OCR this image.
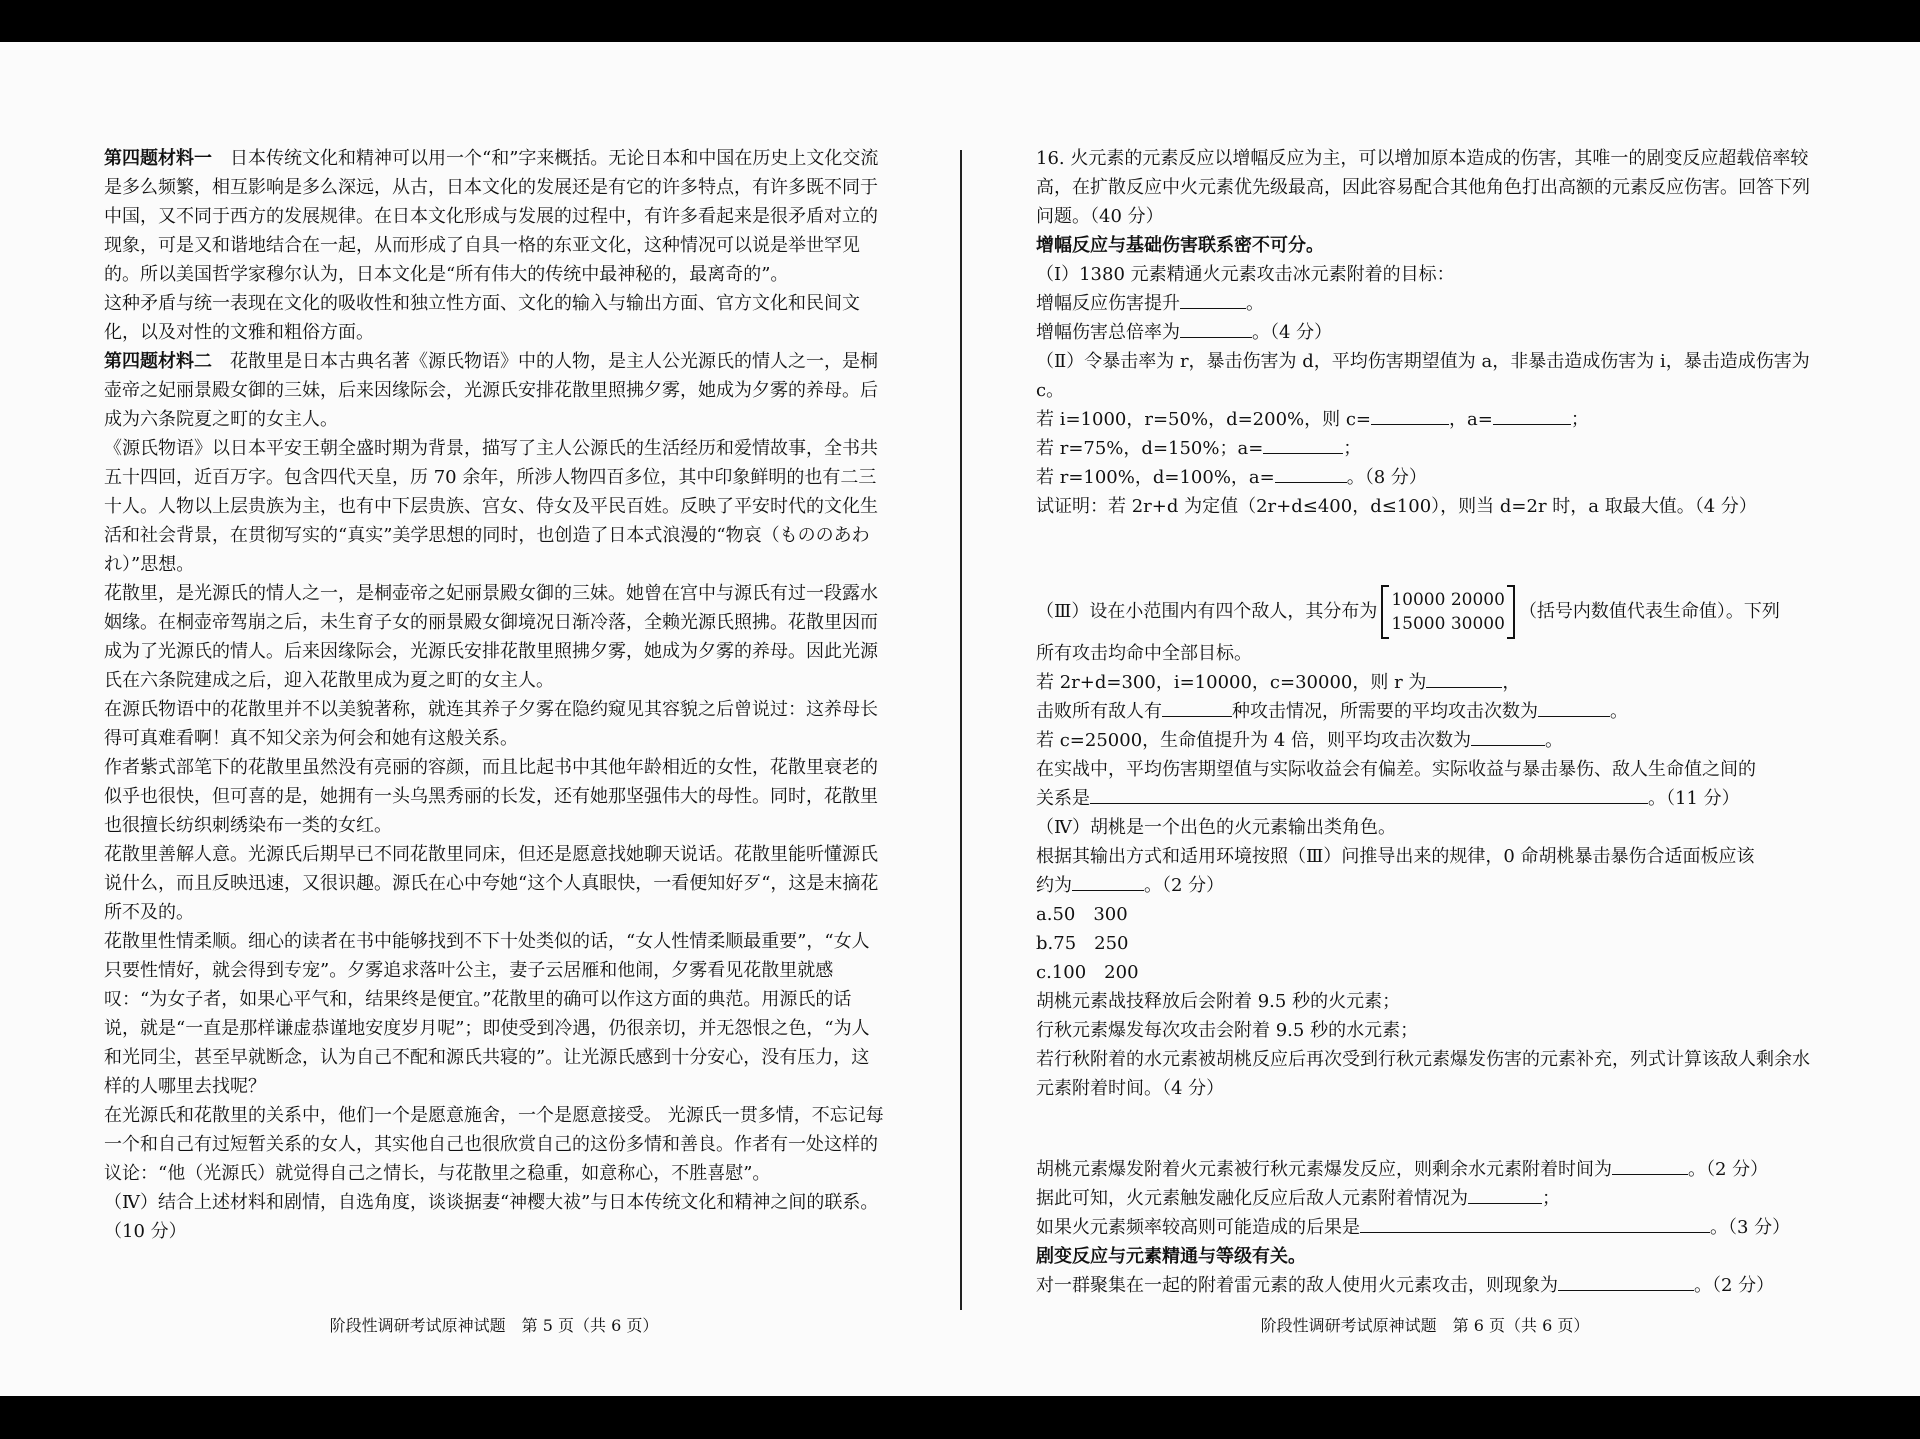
第四题材料一　 日本传统文化和精神可以用一个“和”字来概括。无论日本和中国在历史上文化交流是多么频繁，相互影响是多么深远，从古，日本文化的发展还是有它的许多特点，有许多既不同于中国，又不同于西方的发展规律。在日本文化形成与发展的过程中，有许多看起来是很矛盾对立的现象，可是又和谐地结合在一起，从而形成了自具一格的东亚文化，这种情况可以说是举世罕见的。所以美国哲学家穆尔认为，日本文化是“所有伟大的传统中最神秘的，最离奇的”。

这种矛盾与统一表现在文化的吸收性和独立性方面、文化的输入与输出方面、官方文化和民间文化，以及对性的文雅和粗俗方面。

第四题材料二　 花散里是日本古典名著《源氏物语》中的人物，是主人公光源氏的情人之一，是桐壶帝之妃丽景殿女御的三妹，后来因缘际会，光源氏安排花散里照拂夕雾，她成为夕雾的养母。后成为六条院夏之町的女主人。

《源氏物语》以日本平安王朝全盛时期为背景，描写了主人公源氏的生活经历和爱情故事，全书共五十四回，近百万字。包含四代天皇，历 70 余年，所涉人物四百多位，其中印象鲜明的也有二三十人。人物以上层贵族为主，也有中下层贵族、宫女、侍女及平民百姓。反映了平安时代的文化生活和社会背景，在贯彻写实的“真实”美学思想的同时，也创造了日本式浪漫的“物哀（もののあわれ）”思想。

花散里，是光源氏的情人之一，是桐壶帝之妃丽景殿女御的三妹。她曾在宫中与源氏有过一段露水姻缘。在桐壶帝驾崩之后，未生育子女的丽景殿女御境况日渐冷落，全赖光源氏照拂。花散里因而成为了光源氏的情人。后来因缘际会，光源氏安排花散里照拂夕雾，她成为夕雾的养母。因此光源氏在六条院建成之后，迎入花散里成为夏之町的女主人。

在源氏物语中的花散里并不以美貌著称，就连其养子夕雾在隐约窥见其容貌之后曾说过：这养母长得可真难看啊！真不知父亲为何会和她有这般关系。

作者紫式部笔下的花散里虽然没有亮丽的容颜，而且比起书中其他年龄相近的女性，花散里衰老的似乎也很快，但可喜的是，她拥有一头乌黑秀丽的长发，还有她那坚强伟大的母性。同时，花散里也很擅长纺织刺绣染布一类的女红。

花散里善解人意。光源氏后期早已不同花散里同床，但还是愿意找她聊天说话。花散里能听懂源氏说什么，而且反映迅速，又很识趣。源氏在心中夸她“这个人真眼快，一看便知好歹“，这是末摘花所不及的。

花散里性情柔顺。细心的读者在书中能够找到不下十处类似的话，“女人性情柔顺最重要”，“女人只要性情好，就会得到专宠”。夕雾追求落叶公主，妻子云居雁和他闹，夕雾看见花散里就感叹：“为女子者，如果心平气和，结果终是便宜。”花散里的确可以作这方面的典范。用源氏的话说，就是“一直是那样谦虚恭谨地安度岁月呢”；即使受到冷遇，仍很亲切，并无怨恨之色，“为人和光同尘，甚至早就断念，认为自己不配和源氏共寝的”。让光源氏感到十分安心，没有压力，这样的人哪里去找呢？

在光源氏和花散里的关系中，他们一个是愿意施舍，一个是愿意接受。 光源氏一贯多情，不忘记每一个和自己有过短暂关系的女人，其实他自己也很欣赏自己的这份多情和善良。作者有一处这样的议论：“他（光源氏）就觉得自己之情长，与花散里之稳重，如意称心，不胜喜慰”。

（Ⅳ）结合上述材料和剧情，自选角度，谈谈据妻“神樱大祓”与日本传统文化和精神之间的联系。（10 分）

16. 火元素的元素反应以增幅反应为主，可以增加原本造成的伤害，其唯一的剧变反应超载倍率较高，在扩散反应中火元素优先级最高，因此容易配合其他角色打出高额的元素反应伤害。回答下列问题。（40 分）

增幅反应与基础伤害联系密不可分。

（Ⅰ）1380 元素精通火元素攻击冰元素附着的目标：

增幅反应伤害提升	。

增幅伤害总倍率为	。（4 分）

（Ⅱ）令暴击率为 r，暴击伤害为 d，平均伤害期望值为 a，非暴击造成伤害为 i，暴击造成伤害为 c。

若 i=1000，r=50%，d=200%，则 c=	，a=	；

若 r=75%，d=150%；a=	；

若 r=100%，d=100%，a=	。（8 分）

试证明：若 2r+d 为定值（2r+d≤400，d≤100），则当 d=2r 时，a 取最大值。（4 分）

（Ⅲ）设在小范围内有四个敌人，其分布为
10000 20000
15000 30000
（括号内数值代表生命值）。下列

所有攻击均命中全部目标。

若 2r+d=300，i=10000，c=30000，则 r 为	，

击败所有敌人有	种攻击情况，所需要的平均攻击次数为	。

若 c=25000，生命值提升为 4 倍，则平均攻击次数为	。

在实战中，平均伤害期望值与实际收益会有偏差。实际收益与暴击暴伤、敌人生命值之间的

关系是	。（11 分）

（Ⅳ）胡桃是一个出色的火元素输出类角色。

根据其输出方式和适用环境按照（Ⅲ）问推导出来的规律，0 命胡桃暴击暴伤合适面板应该

约为	。（2 分）

a.50　300

b.75　250

c.100　200

胡桃元素战技释放后会附着 9.5 秒的火元素；

行秋元素爆发每次攻击会附着 9.5 秒的水元素；

若行秋附着的水元素被胡桃反应后再次受到行秋元素爆发伤害的元素补充，列式计算该敌人剩余水元素附着时间。（4 分）

胡桃元素爆发附着火元素被行秋元素爆发反应，则剩余水元素附着时间为	。（2 分）

据此可知，火元素触发融化反应后敌人元素附着情况为	；

如果火元素频率较高则可能造成的后果是	。（3 分）

剧变反应与元素精通与等级有关。

对一群聚集在一起的附着雷元素的敌人使用火元素攻击，则现象为	。（2 分）

阶段性调研考试原神试题　第 5 页（共 6 页）	阶段性调研考试原神试题　第 6 页（共 6 页）
